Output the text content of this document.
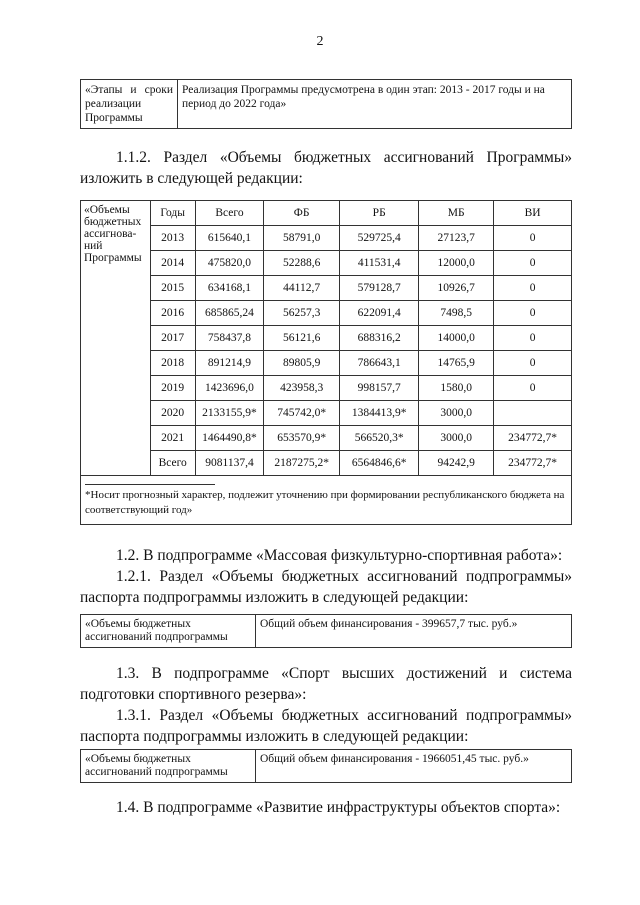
2
«Этапы и сроки реализации Программы	Реализация Программы предусмотрена в один этап: 2013 - 2017 годы и на период до 2022 года»
1.1.2. Раздел «Объемы бюджетных ассигнований Программы» изложить в следующей редакции:
«Объемы бюджетных ассигнова-ний Программы	Годы	Всего	ФБ	РБ	МБ	ВИ
	2013	615640,1	58791,0	529725,4	27123,7	0
	2014	475820,0	52288,6	411531,4	12000,0	0
	2015	634168,1	44112,7	579128,7	10926,7	0
	2016	685865,24	56257,3	622091,4	7498,5	0
	2017	758437,8	56121,6	688316,2	14000,0	0
	2018	891214,9	89805,9	786643,1	14765,9	0
	2019	1423696,0	423958,3	998157,7	1580,0	0
	2020	2133155,9*	745742,0*	1384413,9*	3000,0	
	2021	1464490,8*	653570,9*	566520,3*	3000,0	234772,7*
	Всего	9081137,4	2187275,2*	6564846,6*	94242,9	234772,7*

*Носит прогнозный характер, подлежит уточнению при формировании республиканского бюджета на соответствующий год»						
1.2. В подпрограмме «Массовая физкультурно-спортивная работа»:
1.2.1. Раздел «Объемы бюджетных ассигнований подпрограммы» паспорта подпрограммы изложить в следующей редакции:
«Объемы бюджетных ассигнований подпрограммы	Общий объем финансирования - 399657,7 тыс. руб.»
1.3. В подпрограмме «Спорт высших достижений и система подготовки спортивного резерва»:
1.3.1. Раздел «Объемы бюджетных ассигнований подпрограммы» паспорта подпрограммы изложить в следующей редакции:
«Объемы бюджетных ассигнований подпрограммы	Общий объем финансирования - 1966051,45 тыс. руб.»
1.4. В подпрограмме «Развитие инфраструктуры объектов спорта»:
